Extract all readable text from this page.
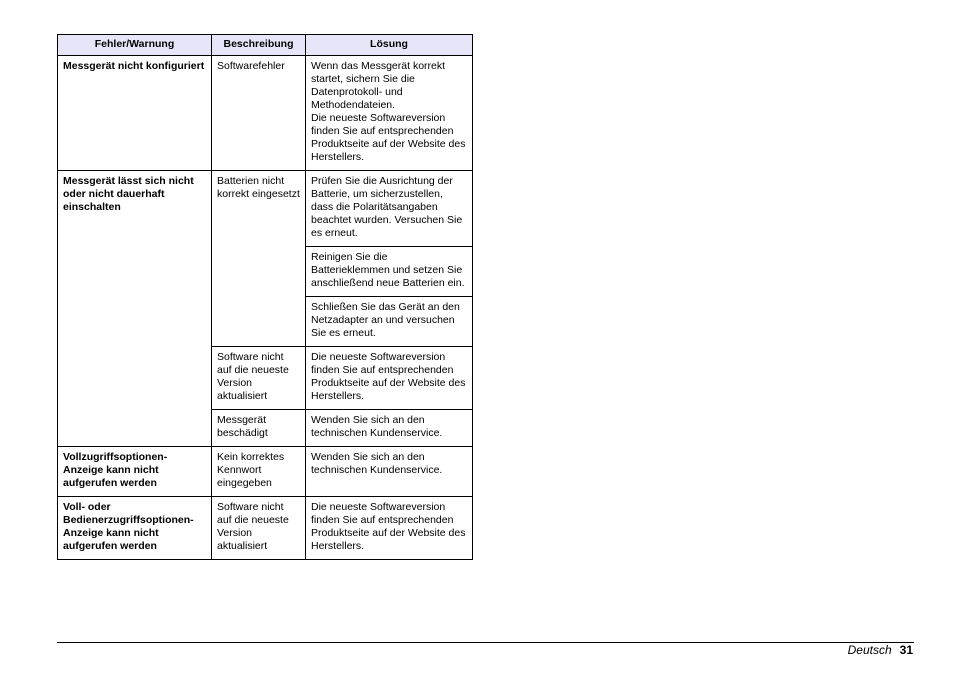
Fehler/Warnung	Beschreibung	Lösung
Messgerät nicht konfiguriert	Softwarefehler	Wenn das Messgerät korrekt startet, sichern Sie die Datenprotokoll- und Methodendateien.
Die neueste Softwareversion finden Sie auf entsprechenden Produktseite auf der Website des Herstellers.
Messgerät lässt sich nicht oder nicht dauerhaft einschalten	Batterien nicht korrekt eingesetzt	Prüfen Sie die Ausrichtung der Batterie, um sicherzustellen, dass die Polaritätsangaben beachtet wurden. Versuchen Sie es erneut.
		Reinigen Sie die Batterieklemmen und setzen Sie anschließend neue Batterien ein.
		Schließen Sie das Gerät an den Netzadapter an und versuchen Sie es erneut.
	Software nicht auf die neueste Version aktualisiert	Die neueste Softwareversion finden Sie auf entsprechenden Produktseite auf der Website des Herstellers.
	Messgerät beschädigt	Wenden Sie sich an den technischen Kundenservice.
Vollzugriffsoptionen-Anzeige kann nicht aufgerufen werden	Kein korrektes Kennwort eingegeben	Wenden Sie sich an den technischen Kundenservice.
Voll- oder Bedienerzugriffsoptionen-Anzeige kann nicht aufgerufen werden	Software nicht auf die neueste Version aktualisiert	Die neueste Softwareversion finden Sie auf entsprechenden Produktseite auf der Website des Herstellers.
Deutsch 31
